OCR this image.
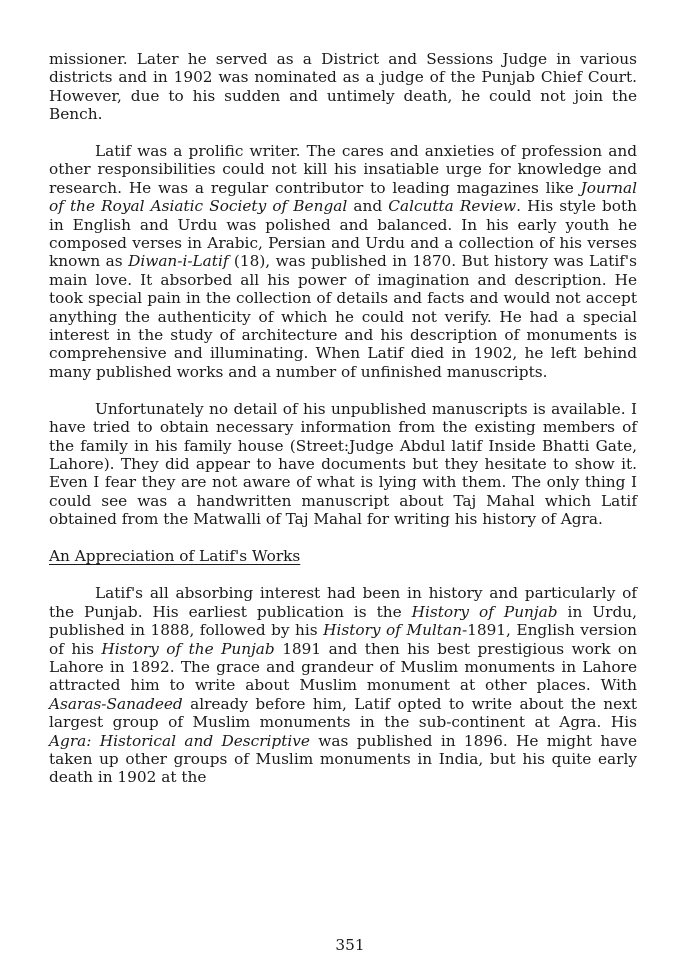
missioner. Later he served as a District and Sessions Judge in various districts and in 1902 was nominated as a judge of the Punjab Chief Court. However, due to his sudden and untimely death, he could not join the Bench.

Latif was a prolific writer. The cares and anxieties of profession and other responsibilities could not kill his insatiable urge for knowledge and research. He was a regular contributor to leading magazines like Journal of the Royal Asiatic Society of Bengal and Calcutta Review. His style both in English and Urdu was polished and balanced. In his early youth he composed verses in Arabic, Persian and Urdu and a collection of his verses known as Diwan-i-Latif (18), was published in 1870. But history was Latif's main love. It absorbed all his power of imagination and description. He took special pain in the collection of details and facts and would not accept anything the authenticity of which he could not verify. He had a special interest in the study of architecture and his description of monuments is comprehensive and illuminating. When Latif died in 1902, he left behind many published works and a number of unfinished manuscripts.

Unfortunately no detail of his unpublished manuscripts is available. I have tried to obtain necessary information from the existing members of the family in his family house (Street:Judge Abdul latif Inside Bhatti Gate, Lahore). They did appear to have documents but they hesitate to show it. Even I fear they are not aware of what is lying with them. The only thing I could see was a handwritten manuscript about Taj Mahal which Latif obtained from the Matwalli of Taj Mahal for writing his history of Agra.

An Appreciation of Latif's Works

Latif's all absorbing interest had been in history and particularly of the Punjab. His earliest publication is the History of Punjab in Urdu, published in 1888, followed by his History of Multan-1891, English version of his History of the Punjab 1891 and then his best prestigious work on Lahore in 1892. The grace and grandeur of Muslim monuments in Lahore attracted him to write about Muslim monument at other places. With Asaras-Sanadeed already before him, Latif opted to write about the next largest group of Muslim monuments in the sub-continent at Agra. His Agra: Historical and Descriptive was published in 1896. He might have taken up other groups of Muslim monuments in India, but his quite early death in 1902 at the

351
